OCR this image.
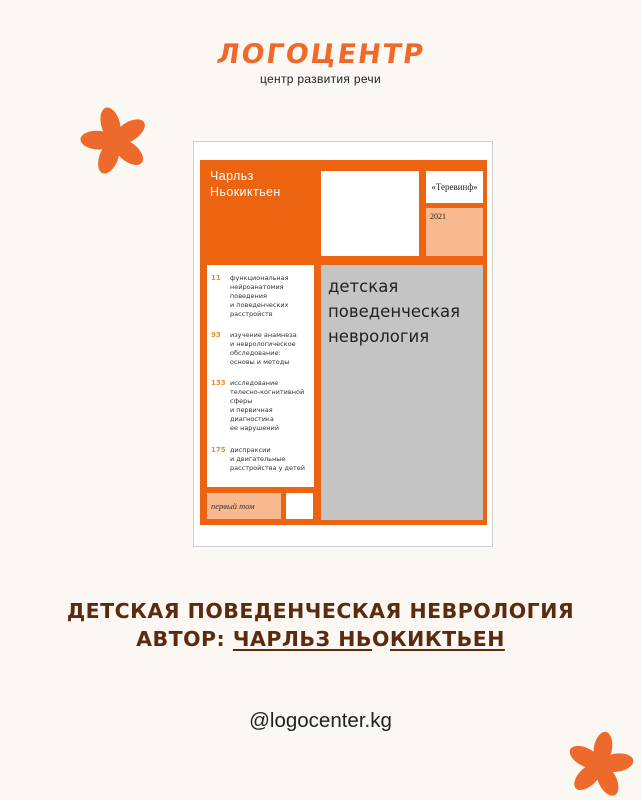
ЛОГОЦЕНТР
центр развития речи
Чарльз
Ньокиктьен	«Теревинф»
2021
11 функциональная
нейроанатомия
поведения
и поведенческих
расстройств
93 изучение анамнеза
и неврологическое
обследование:
основы и методы
133 исследование
телесно-когнитивной
сферы
и первичная
диагностика
ее нарушений
175 диспраксии
и двигательные
расстройства у детей
детская
поведенческая
неврология
первый том
ДЕТСКАЯ ПОВЕДЕНЧЕСКАЯ НЕВРОЛОГИЯ
АВТОР: ЧАРЛЬЗ НЬОКИКТЬЕН
@logocenter.kg
